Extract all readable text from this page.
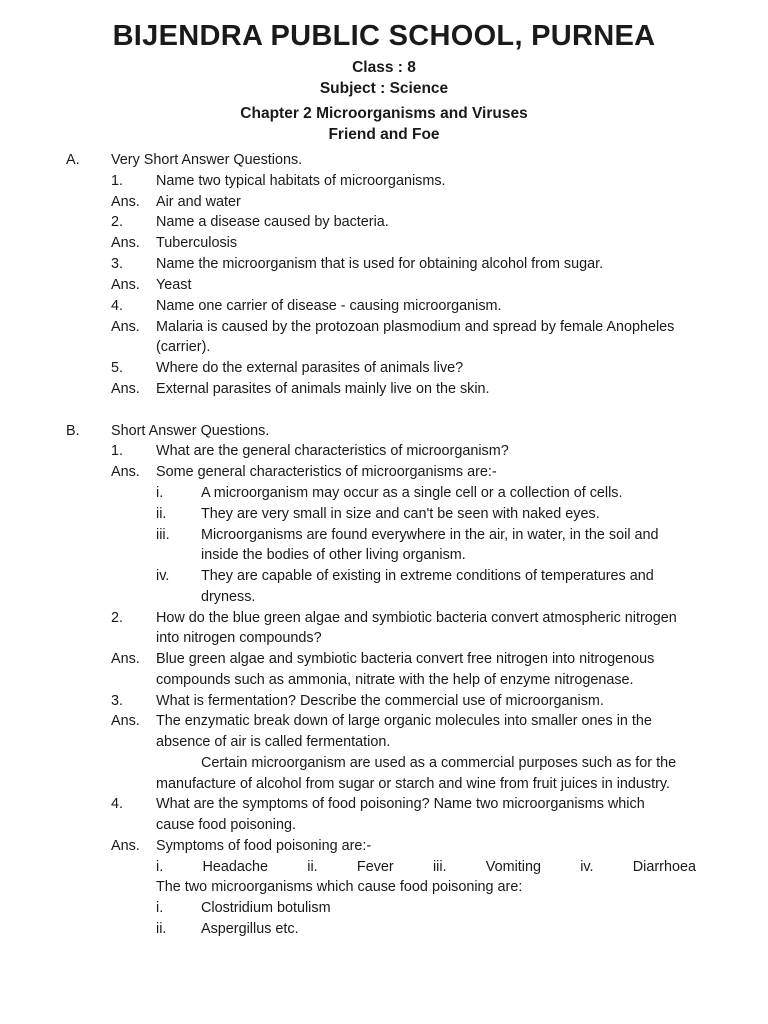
BIJENDRA PUBLIC SCHOOL, PURNEA
Class : 8
Subject : Science
Chapter 2 Microorganisms and Viruses
Friend and Foe
A. Very Short Answer Questions.
1. Name two typical habitats of microorganisms.
Ans. Air and water
2. Name a disease caused by bacteria.
Ans. Tuberculosis
3. Name the microorganism that is used for obtaining alcohol from sugar.
Ans. Yeast
4. Name one carrier of disease - causing microorganism.
Ans. Malaria is caused by the protozoan plasmodium and spread by female Anopheles
(carrier).
5. Where do the external parasites of animals live?
Ans. External parasites of animals mainly live on the skin.
B. Short Answer Questions.
1. What are the general characteristics of microorganism?
Ans. Some general characteristics of microorganisms are:-
i.	A microorganism may occur as a single cell or a collection of cells.
ii. They are very small in size and can't be seen with naked eyes.
iii. Microorganisms are found everywhere in the air, in water, in the soil and
inside the bodies of other living organism.
iv. They are capable of existing in extreme conditions of temperatures and
dryness.
2. How do the blue green algae and symbiotic bacteria convert atmospheric nitrogen
into nitrogen compounds?
Ans. Blue green algae and symbiotic bacteria convert free nitrogen into nitrogenous
compounds such as ammonia, nitrate with the help of enzyme nitrogenase.
3. What is fermentation? Describe the commercial use of microorganism.
Ans. The enzymatic break down of large organic molecules into smaller ones in the
absence of air is called fermentation.
Certain microorganism are used as a commercial purposes such as for the
manufacture of alcohol from sugar or starch and wine from fruit juices in industry.
4. What are the symptoms of food poisoning? Name two microorganisms which
cause food poisoning.
Ans. Symptoms of food poisoning are:-
i.	Headache	ii.	Fever	iii.	Vomiting	iv.	Diarrhoea
The two microorganisms which cause food poisoning are:
i.	Clostridium botulism
ii. Aspergillus etc.
